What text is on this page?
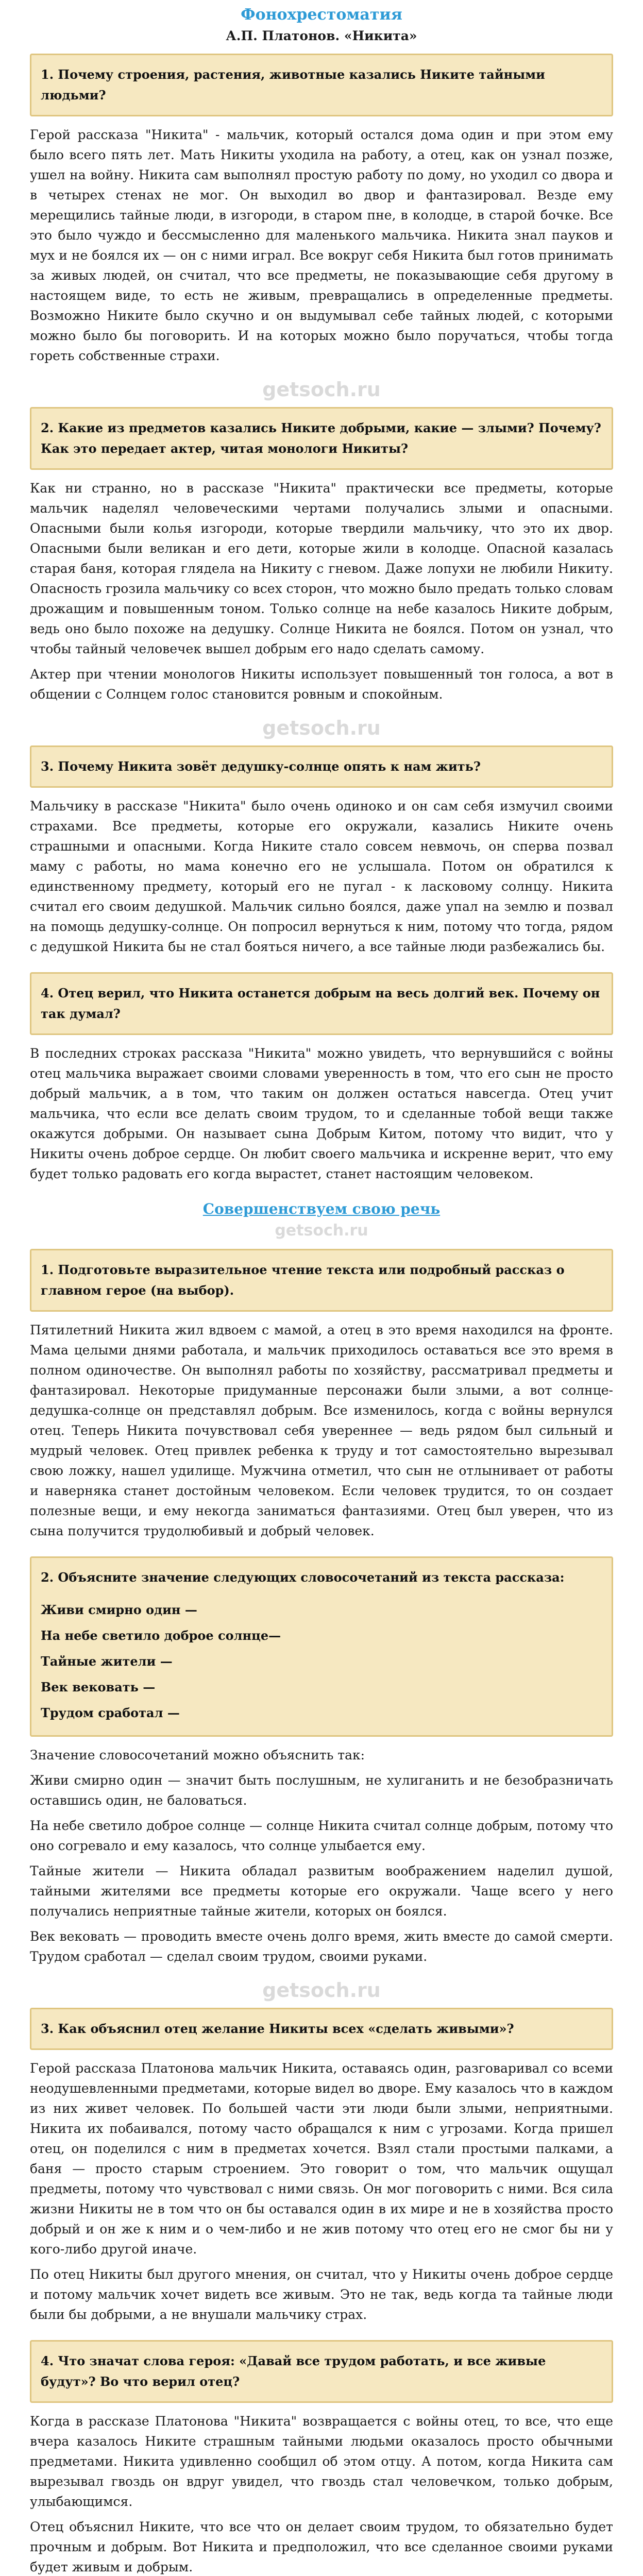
Фонохрестоматия
А.П. Платонов. «Никита»
1. Почему строения, растения, животные казались Никите тайными людьми?

Герой рассказа "Никита" - мальчик, который остался дома один и при этом ему было всего пять лет. Мать Никиты уходила на работу, а отец, как он узнал позже, ушел на войну. Никита сам выполнял простую работу по дому, но уходил со двора и в четырех стенах не мог. Он выходил во двор и фантазировал. Везде ему мерещились тайные люди, в изгороди, в старом пне, в колодце, в старой бочке. Все это было чуждо и бессмысленно для маленького мальчика. Никита знал пауков и мух и не боялся их — он с ними играл. Все вокруг себя Никита был готов принимать за живых людей, он считал, что все предметы, не показывающие себя другому в настоящем виде, то есть не живым, превращались в определенные предметы. Возможно Никите было скучно и он выдумывал себе тайных людей, с которыми можно было бы поговорить. И на которых можно было поручаться, чтобы тогда гореть собственные страхи.

getsoch.ru
2. Какие из предметов казались Никите добрыми, какие — злыми? Почему? Как это передает актер, читая монологи Никиты?

Как ни странно, но в рассказе "Никита" практически все предметы, которые мальчик наделял человеческими чертами получались злыми и опасными. Опасными были колья изгороди, которые твердили мальчику, что это их двор. Опасными были великан и его дети, которые жили в колодце. Опасной казалась старая баня, которая глядела на Никиту с гневом. Даже лопухи не любили Никиту. Опасность грозила мальчику со всех сторон, что можно было предать только словам дрожащим и повышенным тоном. Только солнце на небе казалось Никите добрым, ведь оно было похоже на дедушку. Солнце Никита не боялся. Потом он узнал, что чтобы тайный человечек вышел добрым его надо сделать самому.

Актер при чтении монологов Никиты использует повышенный тон голоса, а вот в общении с Солнцем голос становится ровным и спокойным.

getsoch.ru
3. Почему Никита зовёт дедушку-солнце опять к нам жить?

Мальчику в рассказе "Никита" было очень одиноко и он сам себя измучил своими страхами. Все предметы, которые его окружали, казались Никите очень страшными и опасными. Когда Никите стало совсем невмочь, он сперва позвал маму с работы, но мама конечно его не услышала. Потом он обратился к единственному предмету, который его не пугал - к ласковому солнцу. Никита считал его своим дедушкой. Мальчик сильно боялся, даже упал на землю и позвал на помощь дедушку-солнце. Он попросил вернуться к ним, потому что тогда, рядом с дедушкой Никита бы не стал бояться ничего, а все тайные люди разбежались бы.

4. Отец верил, что Никита останется добрым на весь долгий век. Почему он так думал?

В последних строках рассказа "Никита" можно увидеть, что вернувшийся с войны отец мальчика выражает своими словами уверенность в том, что его сын не просто добрый мальчик, а в том, что таким он должен остаться навсегда. Отец учит мальчика, что если все делать своим трудом, то и сделанные тобой вещи также окажутся добрыми. Он называет сына Добрым Китом, потому что видит, что у Никиты очень доброе сердце. Он любит своего мальчика и искренне верит, что ему будет только радовать его когда вырастет, станет настоящим человеком.

Совершенствуем свою речь
getsoch.ru
1. Подготовьте выразительное чтение текста или подробный рассказ о главном герое (на выбор).

Пятилетний Никита жил вдвоем с мамой, а отец в это время находился на фронте. Мама целыми днями работала, и мальчик приходилось оставаться все это время в полном одиночестве. Он выполнял работы по хозяйству, рассматривал предметы и фантазировал. Некоторые придуманные персонажи были злыми, а вот солнце-дедушка-солнце он представлял добрым. Все изменилось, когда с войны вернулся отец. Теперь Никита почувствовал себя увереннее — ведь рядом был сильный и мудрый человек. Отец привлек ребенка к труду и тот самостоятельно вырезывал свою ложку, нашел удилище. Мужчина отметил, что сын не отлынивает от работы и наверняка станет достойным человеком. Если человек трудится, то он создает полезные вещи, и ему некогда заниматься фантазиями. Отец был уверен, что из сына получится трудолюбивый и добрый человек.

2. Объясните значение следующих словосочетаний из текста рассказа:
Живи смирно один —
На небе светило доброе солнце—
Тайные жители —
Век вековать —
Трудом сработал —

Значение словосочетаний можно объяснить так:

Живи смирно один — значит быть послушным, не хулиганить и не безобразничать оставшись один, не баловаться.

На небе светило доброе солнце — солнце Никита считал солнце добрым, потому что оно согревало и ему казалось, что солнце улыбается ему.

Тайные жители — Никита обладал развитым воображением наделил душой, тайными жителями все предметы которые его окружали. Чаще всего у него получались неприятные тайные жители, которых он боялся.

Век вековать — проводить вместе очень долго время, жить вместе до самой смерти. Трудом сработал — сделал своим трудом, своими руками.

getsoch.ru
3. Как объяснил отец желание Никиты всех «сделать живыми»?

Герой рассказа Платонова мальчик Никита, оставаясь один, разговаривал со всеми неодушевленными предметами, которые видел во дворе. Ему казалось что в каждом из них живет человек. По большей части эти люди были злыми, неприятными. Никита их побаивался, потому часто обращался к ним с угрозами. Когда пришел отец, он поделился с ним в предметах хочется. Взял стали простыми палками, а баня — просто старым строением. Это говорит о том, что мальчик ощущал предметы, потому что чувствовал с ними связь. Он мог поговорить с ними. Вся сила жизни Никиты не в том что он бы оставался один в их мире и не в хозяйства просто добрый и он же к ним и о чем-либо и не жив потому что отец его не смог бы ни у кого-либо другой иначе.

По отец Никиты был другого мнения, он считал, что у Никиты очень доброе сердце и потому мальчик хочет видеть все живым. Это не так, ведь когда та тайные люди были бы добрыми, а не внушали мальчику страх.

4. Что значат слова героя: «Давай все трудом работать, и все живые будут»? Во что верил отец?

Когда в рассказе Платонова "Никита" возвращается с войны отец, то все, что еще вчера казалось Никите страшным тайными людьми оказалось просто обычными предметами. Никита удивленно сообщил об этом отцу. А потом, когда Никита сам вырезывал гвоздь он вдруг увидел, что гвоздь стал человечком, только добрым, улыбающимся.

Отец объяснил Никите, что все что он делает своим трудом, то обязательно будет прочным и добрым. Вот Никита и предположил, что все сделанное своими руками будет живым и добрым.
